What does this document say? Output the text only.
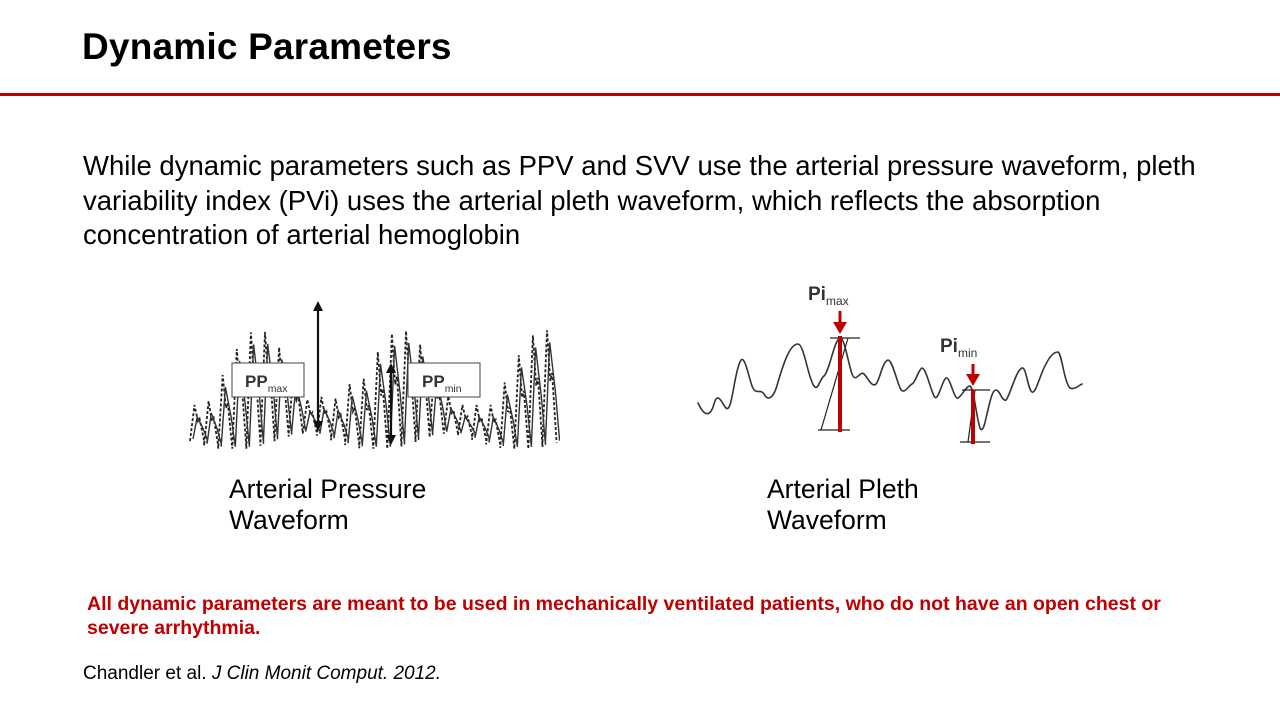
Dynamic Parameters

While dynamic parameters such as PPV and SVV use the arterial pressure waveform, pleth variability index (PVi) uses the arterial pleth waveform, which reflects the absorption concentration of arterial hemoglobin

$PP_{max}$	$PP_{min}$
$Pi_{max}$
$Pi_{min}$
Arterial Pressure
Waveform
Arterial Pleth
Waveform

All dynamic parameters are meant to be used in mechanically ventilated patients, who do not have an open chest or severe arrhythmia.

Chandler et al. J Clin Monit Comput. 2012.
